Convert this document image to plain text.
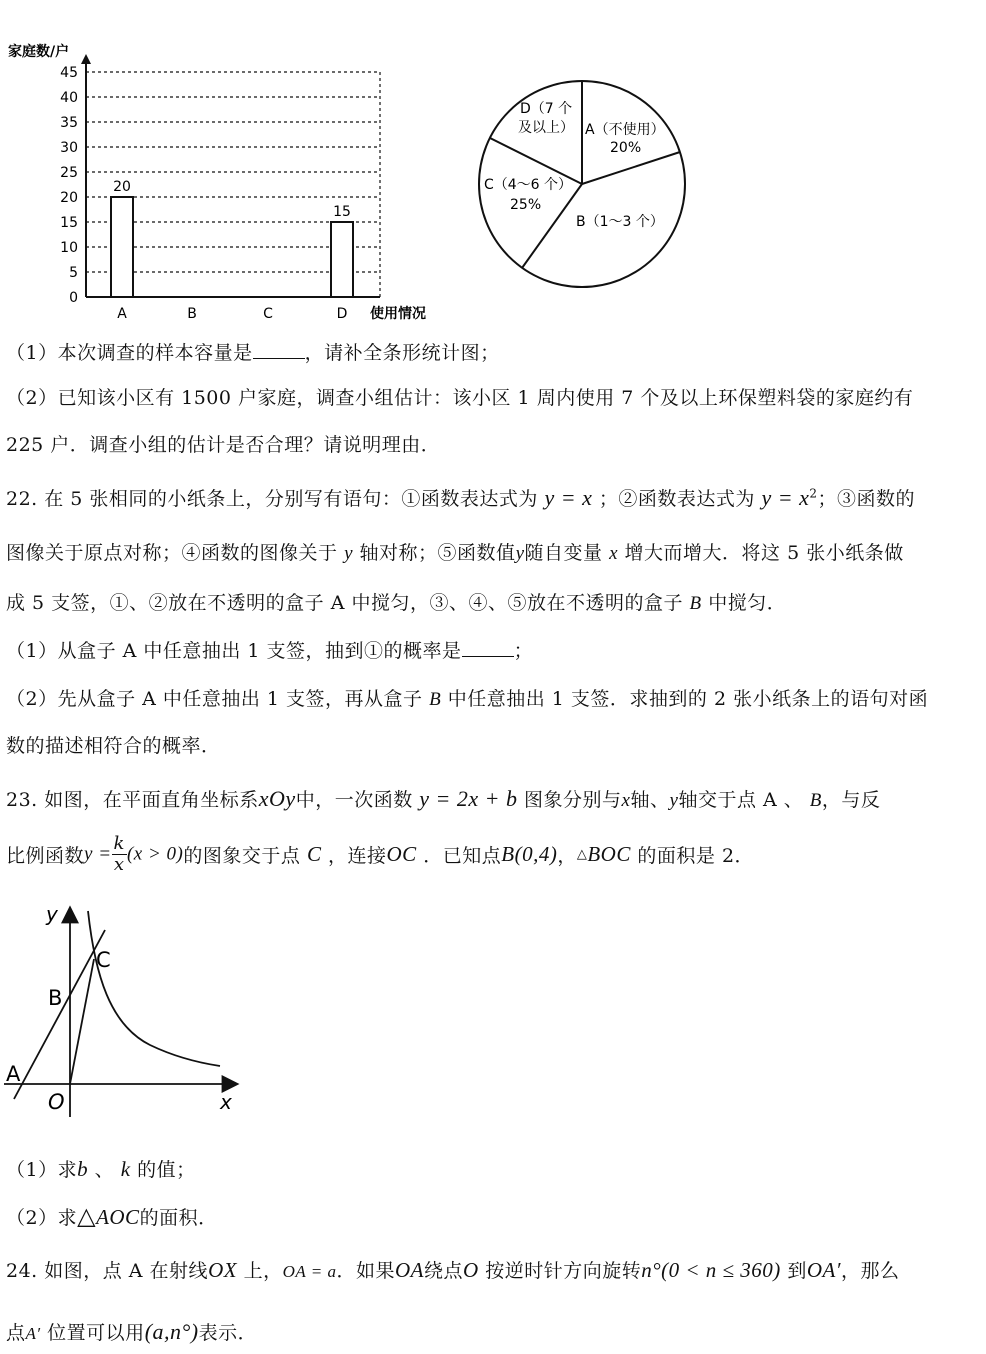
家庭数/户
0
5
10
15
20
25
30
35
40
45
20
15
A	B	C	D 使用情况
D（7 个
及以上） A（不使用）
20%
C（4～6 个）
25%
B（1～3 个）
（1）本次调查的样本容量是	，请补全条形统计图；
（2）已知该小区有 1500 户家庭，调查小组估计：该小区 1 周内使用 7 个及以上环保塑料袋的家庭约有
225 户．调查小组的估计是否合理？请说明理由．
22. 在 5 张相同的小纸条上，分别写有语句：①函数表达式为 y = x ；②函数表达式为 $y = x^2$；③函数的
图像关于原点对称；④函数的图像关于 y 轴对称；⑤函数值y随自变量 x 增大而增大．将这 5 张小纸条做
成 5 支签，①、②放在不透明的盒子 A 中搅匀，③、④、⑤放在不透明的盒子 B 中搅匀．
（1）从盒子 A 中任意抽出 1 支签，抽到①的概率是	；
（2）先从盒子 A 中任意抽出 1 支签，再从盒子 B 中任意抽出 1 支签．求抽到的 2 张小纸条上的语句对函
数的描述相符合的概率．
23. 如图，在平面直角坐标系xOy中，一次函数 y = 2x + b 图象分别与x轴、y轴交于点 A 、 B，与反
比例函数$y = \frac{k}{x} (x > 0)$的图象交于点 C ，连接OC ．已知点B(0,4)，△BOC 的面积是 2．
y
C
B
A
O	x
（1）求b 、 k 的值；
（2）求△AOC的面积．
24. 如图，点 A 在射线OX 上，OA = a．如果OA绕点O 按逆时针方向旋转n°(0 < n ≤ 360) 到OA′，那么
点A′ 位置可以用(a,n°)表示．
